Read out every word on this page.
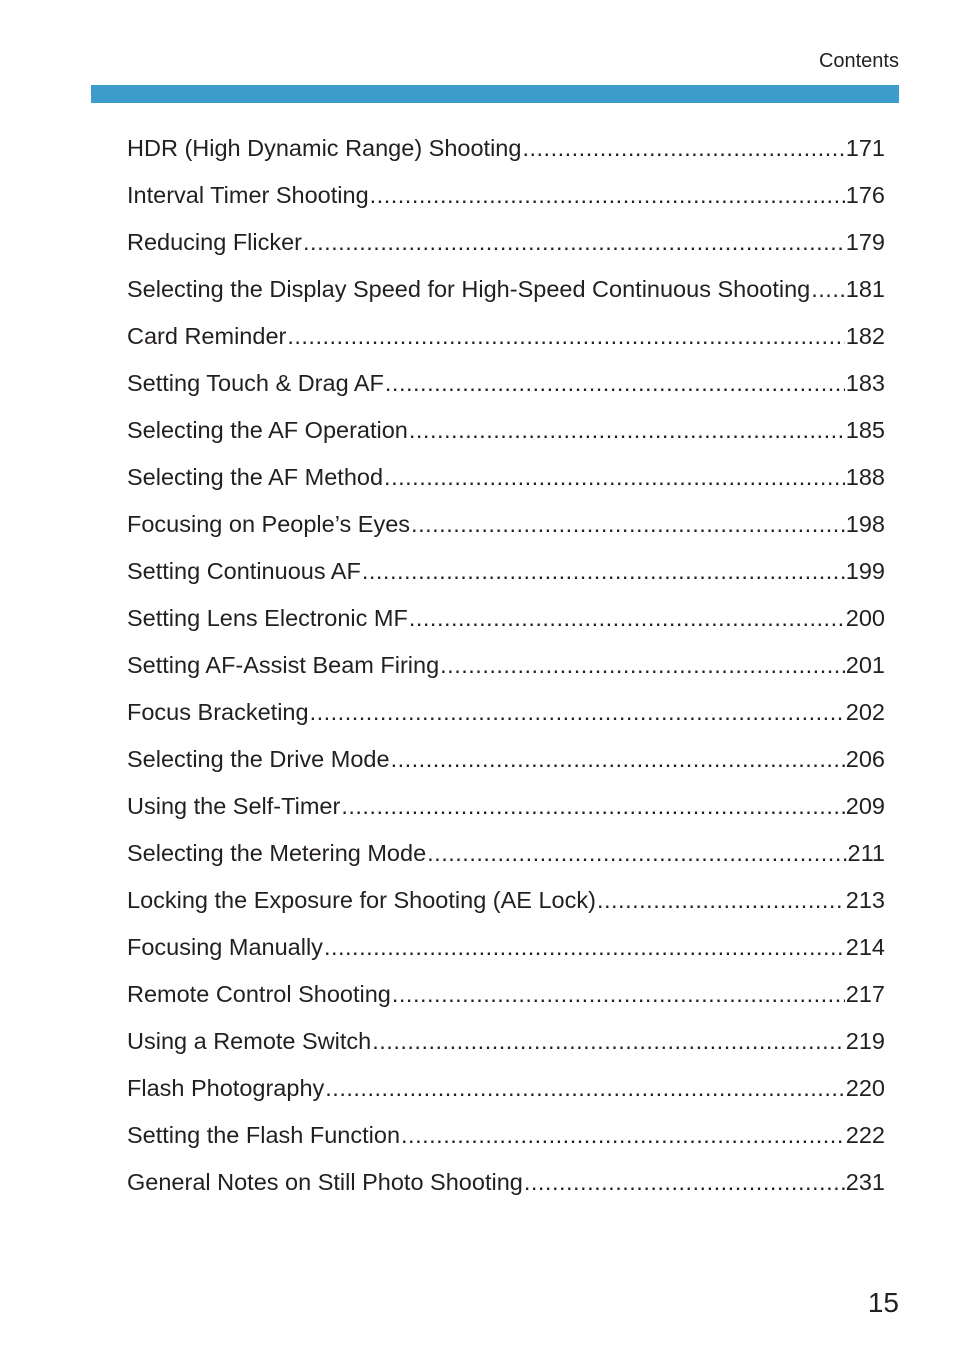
Contents
HDR (High Dynamic Range) Shooting .....	171
Interval Timer Shooting .....	176
Reducing Flicker .....	179
Selecting the Display Speed for High-Speed Continuous Shooting ..... 181
Card Reminder .....	182
Setting Touch & Drag AF .....	183
Selecting the AF Operation .....	185
Selecting the AF Method .....	188
Focusing on People’s Eyes .....	198
Setting Continuous AF .....	199
Setting Lens Electronic MF .....	200
Setting AF-Assist Beam Firing .....	201
Focus Bracketing .....	202
Selecting the Drive Mode .....	206
Using the Self-Timer .....	209
Selecting the Metering Mode .....	211
Locking the Exposure for Shooting (AE Lock) .....	213
Focusing Manually .....	214
Remote Control Shooting .....	217
Using a Remote Switch .....	219
Flash Photography .....	220
Setting the Flash Function .....	222
General Notes on Still Photo Shooting .....	231
15
